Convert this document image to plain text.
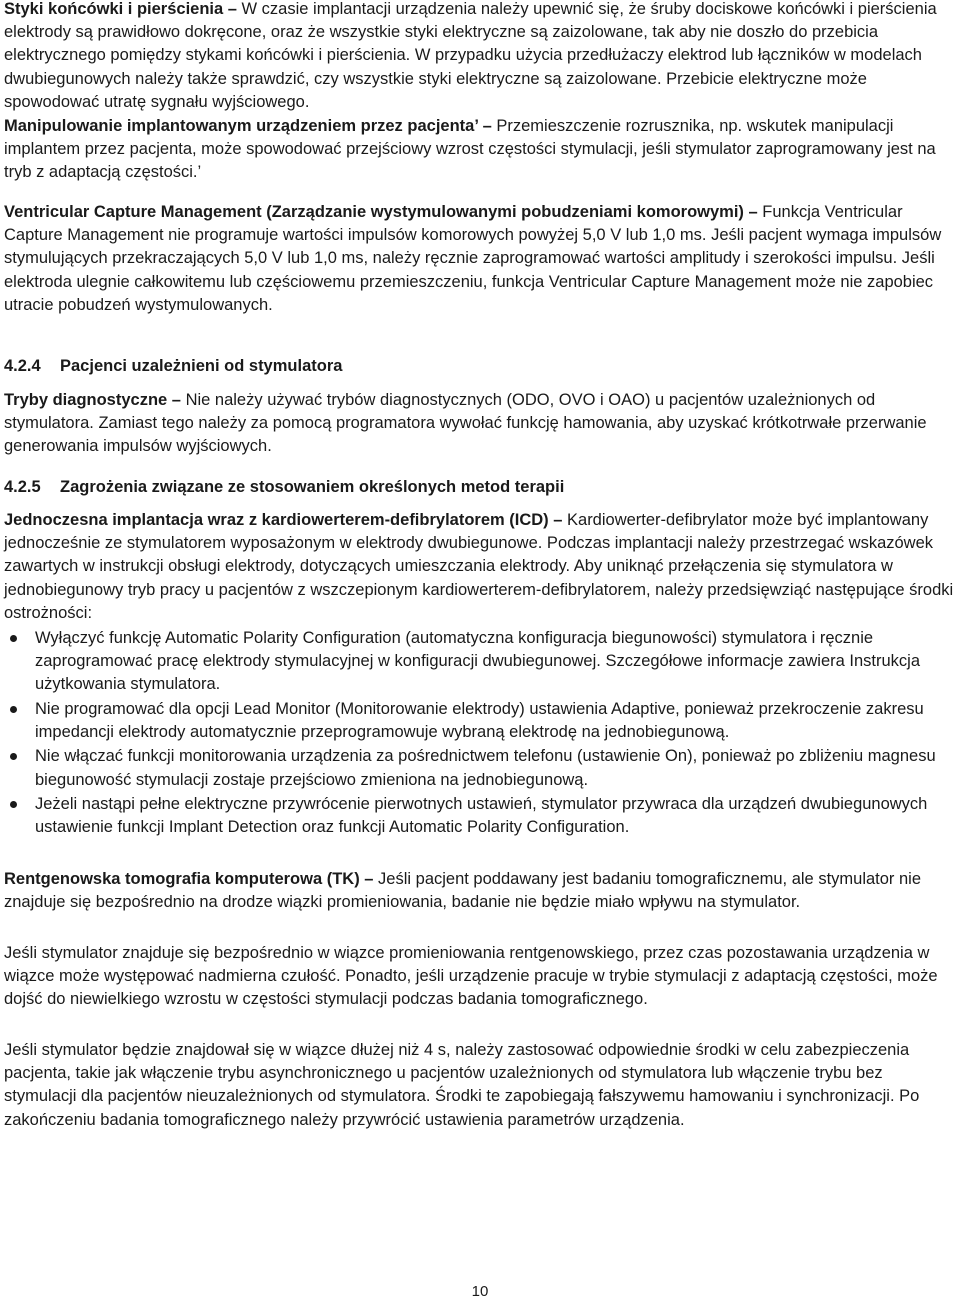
Styki końcówki i pierścienia – W czasie implantacji urządzenia należy upewnić się, że śruby dociskowe końcówki i pierścienia elektrody są prawidłowo dokręcone, oraz że wszystkie styki elektryczne są zaizolowane, tak aby nie doszło do przebicia elektrycznego pomiędzy stykami końcówki i pierścienia. W przypadku użycia przedłużaczy elektrod lub łączników w modelach dwubiegunowych należy także sprawdzić, czy wszystkie styki elektryczne są zaizolowane. Przebicie elektryczne może spowodować utratę sygnału wyjściowego.

Manipulowanie implantowanym urządzeniem przez pacjenta’ – Przemieszczenie rozrusznika, np. wskutek manipulacji implantem przez pacjenta, może spowodować przejściowy wzrost częstości stymulacji, jeśli stymulator zaprogramowany jest na tryb z adaptacją częstości.’

Ventricular Capture Management (Zarządzanie wystymulowanymi pobudzeniami komorowymi) – Funkcja Ventricular Capture Management nie programuje wartości impulsów komorowych powyżej 5,0 V lub 1,0 ms. Jeśli pacjent wymaga impulsów stymulujących przekraczających 5,0 V lub 1,0 ms, należy ręcznie zaprogramować wartości amplitudy i szerokości impulsu. Jeśli elektroda ulegnie całkowitemu lub częściowemu przemieszczeniu, funkcja Ventricular Capture Management może nie zapobiec utracie pobudzeń wystymulowanych.

4.2.4 Pacjenci uzależnieni od stymulatora

Tryby diagnostyczne – Nie należy używać trybów diagnostycznych (ODO, OVO i OAO) u pacjentów uzależnionych od stymulatora. Zamiast tego należy za pomocą programatora wywołać funkcję hamowania, aby uzyskać krótkotrwałe przerwanie generowania impulsów wyjściowych.

4.2.5 Zagrożenia związane ze stosowaniem określonych metod terapii

Jednoczesna implantacja wraz z kardiowerterem-defibrylatorem (ICD) – Kardiowerter-defibrylator może być implantowany jednocześnie ze stymulatorem wyposażonym w elektrody dwubiegunowe. Podczas implantacji należy przestrzegać wskazówek zawartych w instrukcji obsługi elektrody, dotyczących umieszczania elektrody. Aby uniknąć przełączenia się stymulatora w jednobiegunowy tryb pracy u pacjentów z wszczepionym kardiowerterem-defibrylatorem, należy przedsięwziąć następujące środki ostrożności:

Wyłączyć funkcję Automatic Polarity Configuration (automatyczna konfiguracja biegunowości) stymulatora i ręcznie zaprogramować pracę elektrody stymulacyjnej w konfiguracji dwubiegunowej. Szczegółowe informacje zawiera Instrukcja użytkowania stymulatora.
Nie programować dla opcji Lead Monitor (Monitorowanie elektrody) ustawienia Adaptive, ponieważ przekroczenie zakresu impedancji elektrody automatycznie przeprogramowuje wybraną elektrodę na jednobiegunową.
Nie włączać funkcji monitorowania urządzenia za pośrednictwem telefonu (ustawienie On), ponieważ po zbliżeniu magnesu biegunowość stymulacji zostaje przejściowo zmieniona na jednobiegunową.
Jeżeli nastąpi pełne elektryczne przywrócenie pierwotnych ustawień, stymulator przywraca dla urządzeń dwubiegunowych ustawienie funkcji Implant Detection oraz funkcji Automatic Polarity Configuration.

Rentgenowska tomografia komputerowa (TK) – Jeśli pacjent poddawany jest badaniu tomograficznemu, ale stymulator nie znajduje się bezpośrednio na drodze wiązki promieniowania, badanie nie będzie miało wpływu na stymulator.

Jeśli stymulator znajduje się bezpośrednio w wiązce promieniowania rentgenowskiego, przez czas pozostawania urządzenia w wiązce może występować nadmierna czułość. Ponadto, jeśli urządzenie pracuje w trybie stymulacji z adaptacją częstości, może dojść do niewielkiego wzrostu w częstości stymulacji podczas badania tomograficznego.

Jeśli stymulator będzie znajdował się w wiązce dłużej niż 4 s, należy zastosować odpowiednie środki w celu zabezpieczenia pacjenta, takie jak włączenie trybu asynchronicznego u pacjentów uzależnionych od stymulatora lub włączenie trybu bez stymulacji dla pacjentów nieuzależnionych od stymulatora. Środki te zapobiegają fałszywemu hamowaniu i synchronizacji. Po zakończeniu badania tomograficznego należy przywrócić ustawienia parametrów urządzenia.

10
